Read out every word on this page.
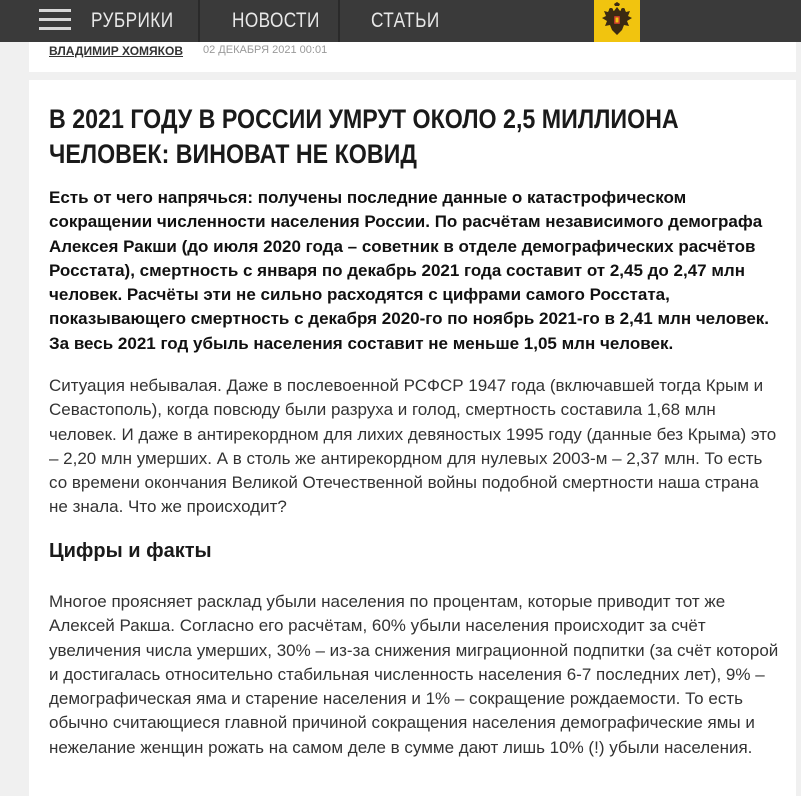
РУБРИКИ	НОВОСТИ СТАТЬИ
ВЛАДИМИР ХОМЯКОВ 02 ДЕКАБРЯ 2021 00:01
В 2021 ГОДУ В РОССИИ УМРУТ ОКОЛО 2,5 МИЛЛИОНА ЧЕЛОВЕК: ВИНОВАТ НЕ КОВИД

Есть от чего напрячься: получены последние данные о катастрофическом сокращении численности населения России. По расчётам независимого демографа Алексея Ракши (до июля 2020 года – советник в отделе демографических расчётов Росстата), смертность с января по декабрь 2021 года составит от 2,45 до 2,47 млн человек. Расчёты эти не сильно расходятся с цифрами самого Росстата, показывающего смертность с декабря 2020-го по ноябрь 2021-го в 2,41 млн человек. За весь 2021 год убыль населения составит не меньше 1,05 млн человек.

Ситуация небывалая. Даже в послевоенной РСФСР 1947 года (включавшей тогда Крым и Севастополь), когда повсюду были разруха и голод, смертность составила 1,68 млн человек. И даже в антирекордном для лихих девяностых 1995 году (данные без Крыма) это – 2,20 млн умерших. А в столь же антирекордном для нулевых 2003-м – 2,37 млн. То есть со времени окончания Великой Отечественной войны подобной смертности наша страна не знала. Что же происходит?

Цифры и факты

Многое проясняет расклад убыли населения по процентам, которые приводит тот же Алексей Ракша. Согласно его расчётам, 60% убыли населения происходит за счёт увеличения числа умерших, 30% – из-за снижения миграционной подпитки (за счёт которой и достигалась относительно стабильная численность населения 6-7 последних лет), 9% – демографическая яма и старение населения и 1% – сокращение рождаемости. То есть обычно считающиеся главной причиной сокращения населения демографические ямы и нежелание женщин рожать на самом деле в сумме дают лишь 10% (!) убыли населения.
